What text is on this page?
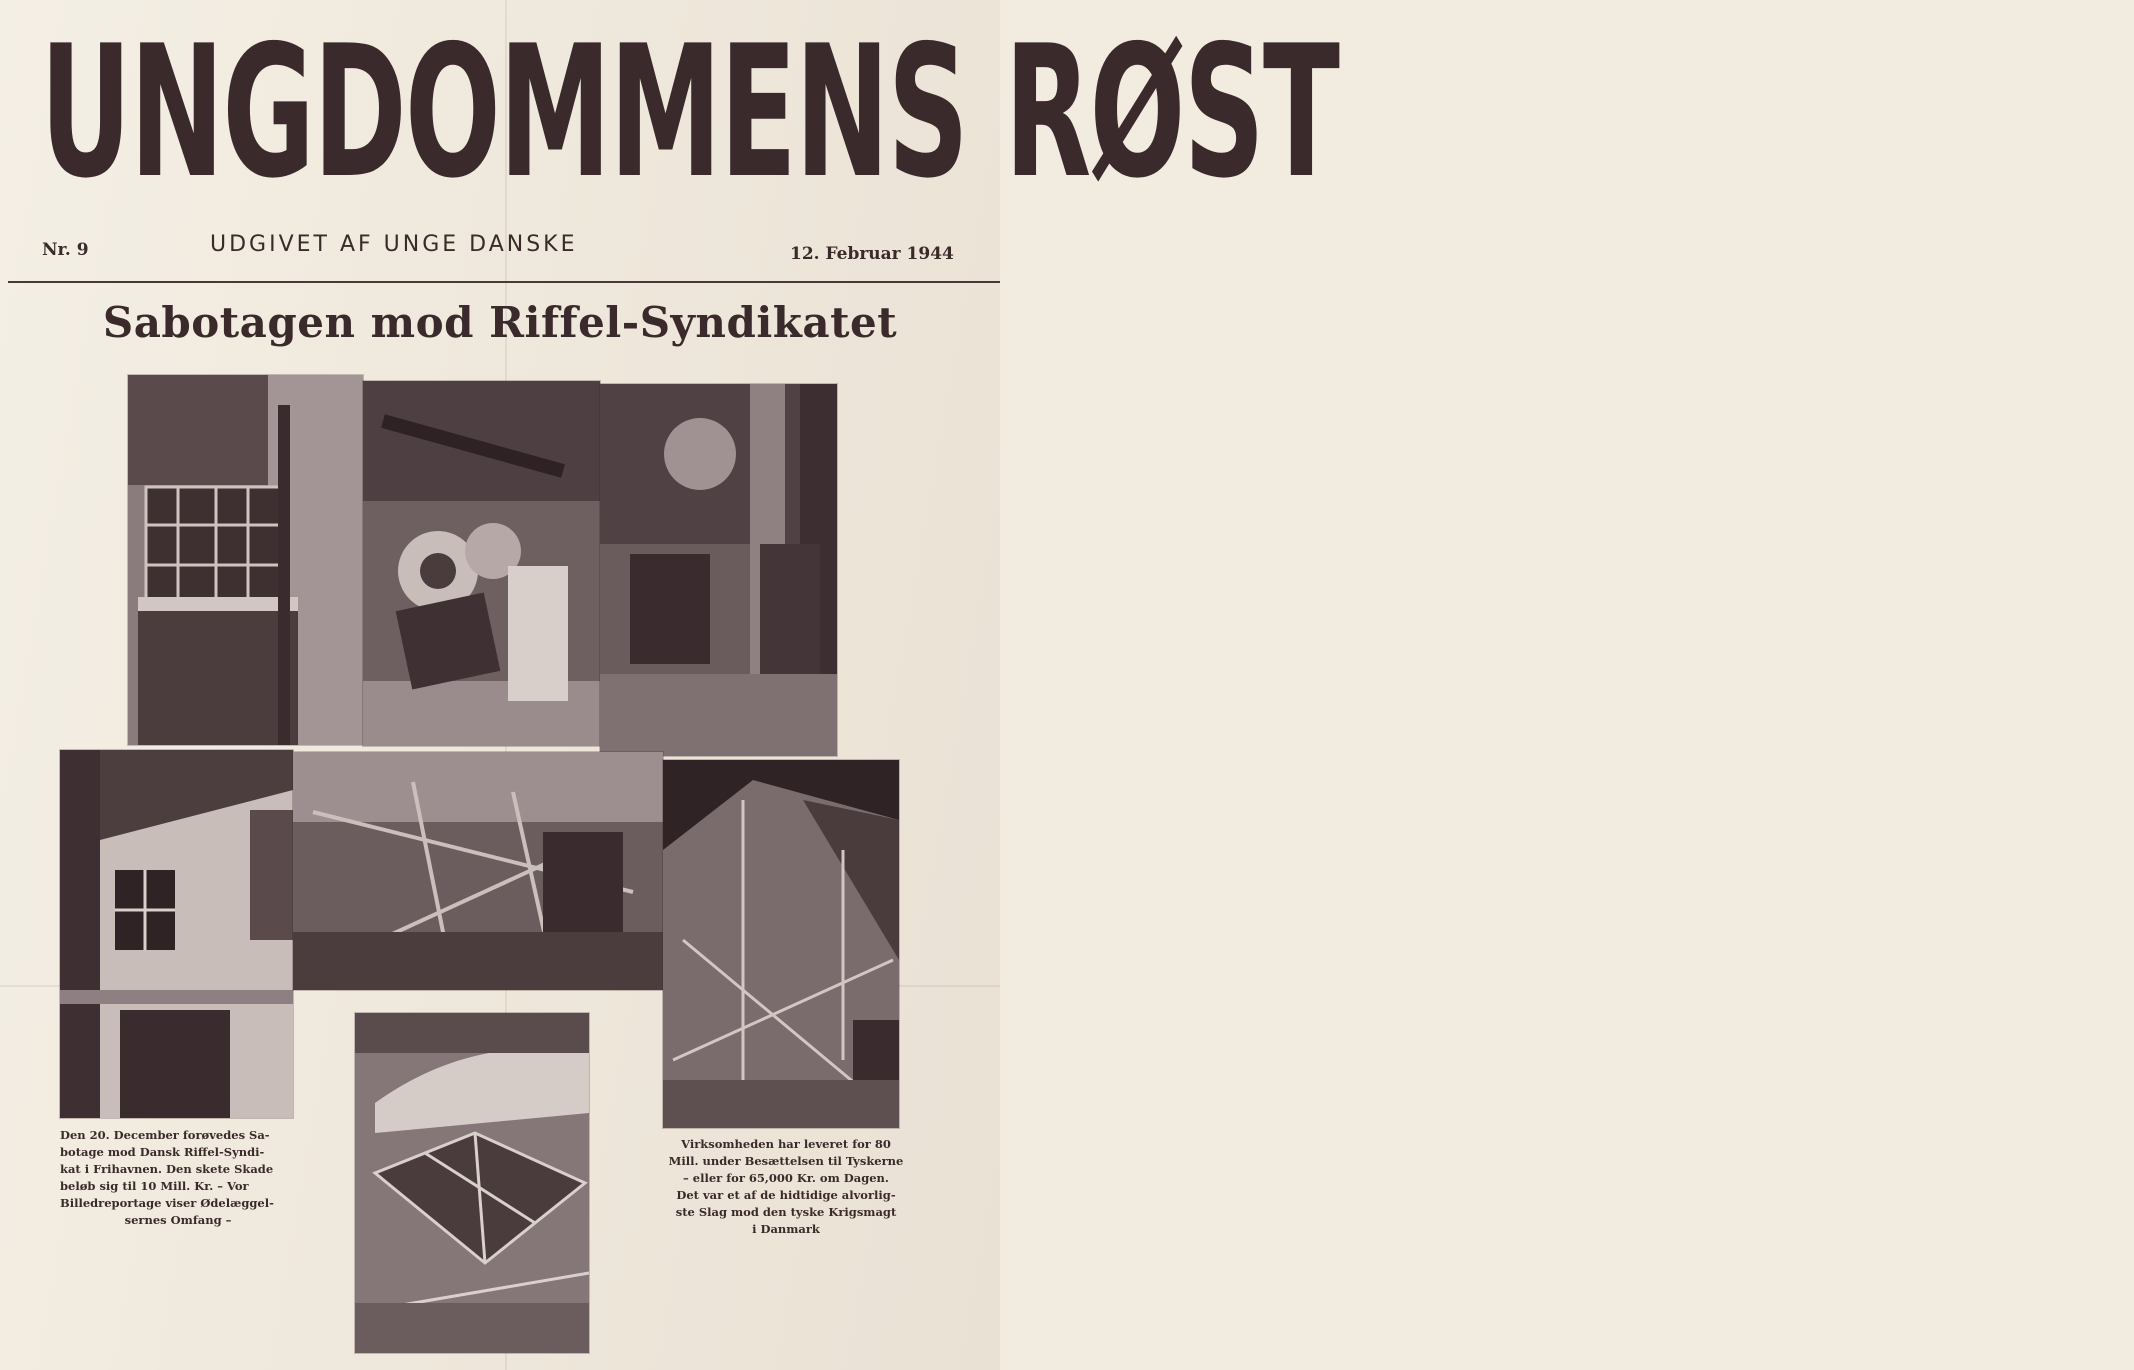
UNGDOMMENS RØST
Nr. 9	UDGIVET AF UNGE DANSKE	12. Februar 1944
Sabotagen mod Riffel-Syndikatet
Den 20. December forøvedes Sa-
botage mod Dansk Riffel-Syndi-
kat i Frihavnen. Den skete Skade
beløb sig til 10 Mill. Kr. – Vor
Billedreportage viser Ødelæggel-
sernes Omfang –
Virksomheden har leveret for 80
Mill. under Besættelsen til Tyskerne
– eller for 65,000 Kr. om Dagen.
Det var et af de hidtidige alvorlig-
ste Slag mod den tyske Krigsmagt
i Danmark
